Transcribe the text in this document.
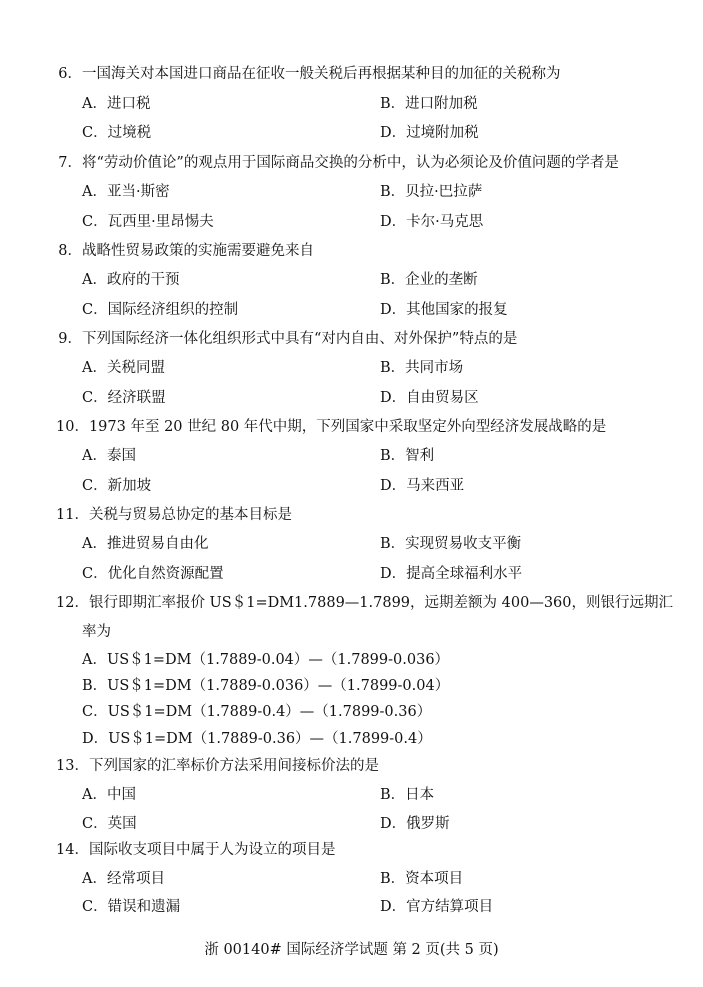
6．一国海关对本国进口商品在征收一般关税后再根据某种目的加征的关税称为
A．进口税	B．进口附加税
C．过境税	D．过境附加税
7．将“劳动价值论”的观点用于国际商品交换的分析中，认为必须论及价值问题的学者是
A．亚当·斯密	B．贝拉·巴拉萨
C．瓦西里·里昂惕夫	D．卡尔·马克思
8．战略性贸易政策的实施需要避免来自
A．政府的干预	B．企业的垄断
C．国际经济组织的控制	D．其他国家的报复
9．下列国际经济一体化组织形式中具有“对内自由、对外保护”特点的是
A．关税同盟	B．共同市场
C．经济联盟	D．自由贸易区
10．1973 年至 20 世纪 80 年代中期，下列国家中采取坚定外向型经济发展战略的是
A．泰国	B．智利
C．新加坡	D．马来西亚
11．关税与贸易总协定的基本目标是
A．推进贸易自由化	B．实现贸易收支平衡
C．优化自然资源配置	D．提高全球福利水平
12．银行即期汇率报价 US＄1=DM1.7889—1.7899，远期差额为 400—360，则银行远期汇
率为
A．US＄1=DM（1.7889-0.04）—（1.7899-0.036）
B．US＄1=DM（1.7889-0.036）—（1.7899-0.04）
C．US＄1=DM（1.7889-0.4）—（1.7899-0.36）
D．US＄1=DM（1.7889-0.36）—（1.7899-0.4）
13．下列国家的汇率标价方法采用间接标价法的是
A．中国	B．日本
C．英国	D．俄罗斯
14．国际收支项目中属于人为设立的项目是
A．经常项目	B．资本项目
C．错误和遗漏	D．官方结算项目
浙 00140# 国际经济学试题 第 2 页(共 5 页)
